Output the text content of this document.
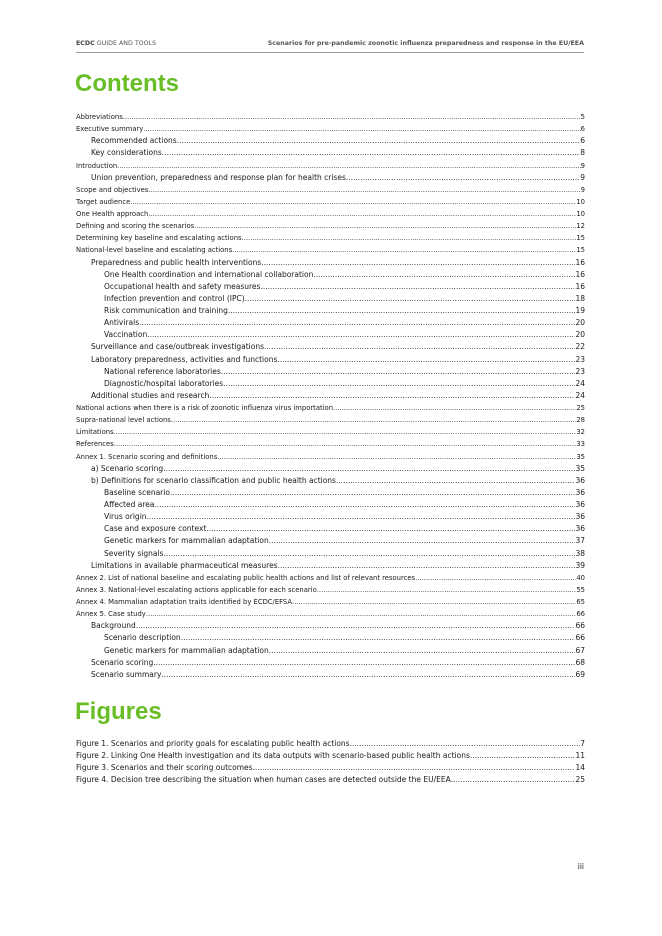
ECDC GUIDE AND TOOLS	Scenarios for pre-pandemic zoonotic influenza preparedness and response in the EU/EEA
Contents
Abbreviations .....	5
Executive summary .....	6
Recommended actions .....	6
Key considerations .....	8
Introduction .....	9
Union prevention, preparedness and response plan for health crises .....	9
Scope and objectives .....	9
Target audience .....	10
One Health approach .....	10
Defining and scoring the scenarios .....	12
Determining key baseline and escalating actions .....	15
National-level baseline and escalating actions .....	15
Preparedness and public health interventions .....	16
One Health coordination and international collaboration .....	16
Occupational health and safety measures .....	16
Infection prevention and control (IPC) .....	18
Risk communication and training .....	19
Antivirals .....	20
Vaccination .....	20
Surveillance and case/outbreak investigations .....	22
Laboratory preparedness, activities and functions .....	23
National reference laboratories .....	23
Diagnostic/hospital laboratories .....	24
Additional studies and research .....	24
National actions when there is a risk of zoonotic influenza virus importation .....	25
Supra-national level actions .....	28
Limitations .....	32
References .....	33
Annex 1. Scenario scoring and definitions .....	35
a) Scenario scoring .....	35
b) Definitions for scenario classification and public health actions .....	36
Baseline scenario .....	36
Affected area .....	36
Virus origin .....	36
Case and exposure context .....	36
Genetic markers for mammalian adaptation .....	37
Severity signals .....	38
Limitations in available pharmaceutical measures .....	39
Annex 2. List of national baseline and escalating public health actions and list of relevant resources .....	40
Annex 3. National-level escalating actions applicable for each scenario .....	55
Annex 4. Mammalian adaptation traits identified by ECDC/EFSA .....	65
Annex 5. Case study .....	66
Background .....	66
Scenario description .....	66
Genetic markers for mammalian adaptation .....	67
Scenario scoring .....	68
Scenario summary .....	69
Figures
Figure 1. Scenarios and priority goals for escalating public health actions .....	7
Figure 2. Linking One Health investigation and its data outputs with scenario-based public health actions .....	11
Figure 3. Scenarios and their scoring outcomes .....	14
Figure 4. Decision tree describing the situation when human cases are detected outside the EU/EEA .....	25
iii
